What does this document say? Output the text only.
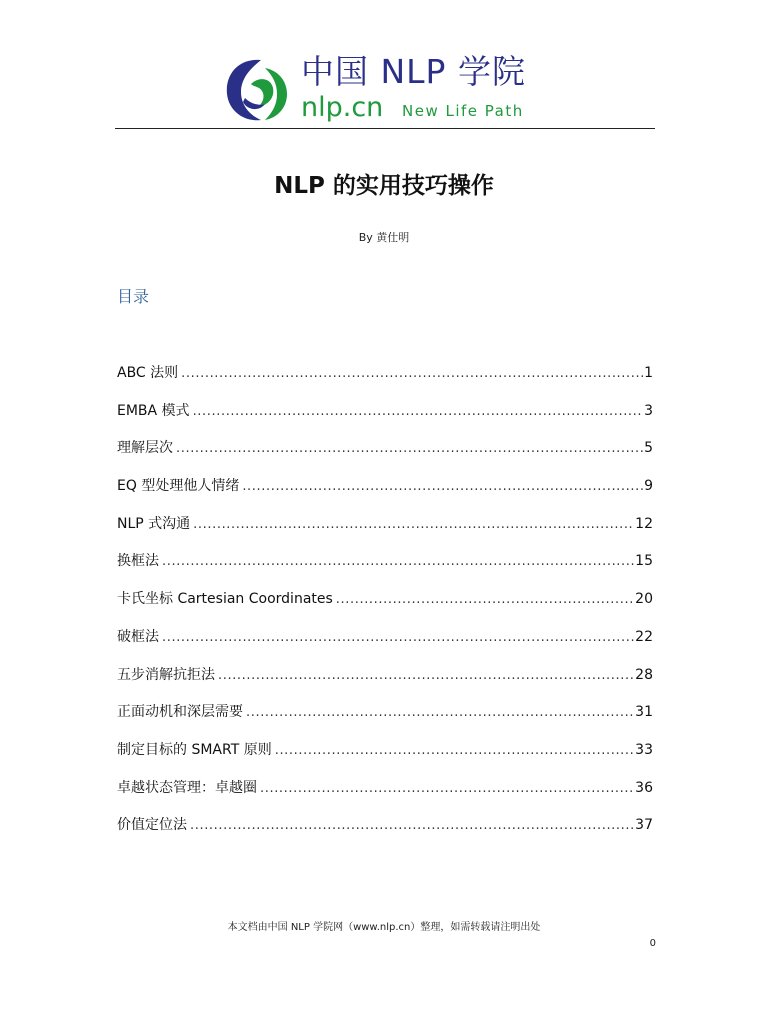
中国 NLP 学院
nlp.cn New Life Path
NLP 的实用技巧操作
By 黄仕明
目录
ABC 法则 .....	1
EMBA 模式 .....	3
理解层次 .....	5
EQ 型处理他人情绪 .....	9
NLP 式沟通 .....	12
换框法 .....	15
卡氏坐标 Cartesian Coordinates .....	20
破框法 .....	22
五步消解抗拒法 .....	28
正面动机和深层需要 .....	31
制定目标的 SMART 原则 .....	33
卓越状态管理：卓越圈 .....	36
价值定位法 .....	37
本文档由中国 NLP 学院网（www.nlp.cn）整理，如需转载请注明出处
0
